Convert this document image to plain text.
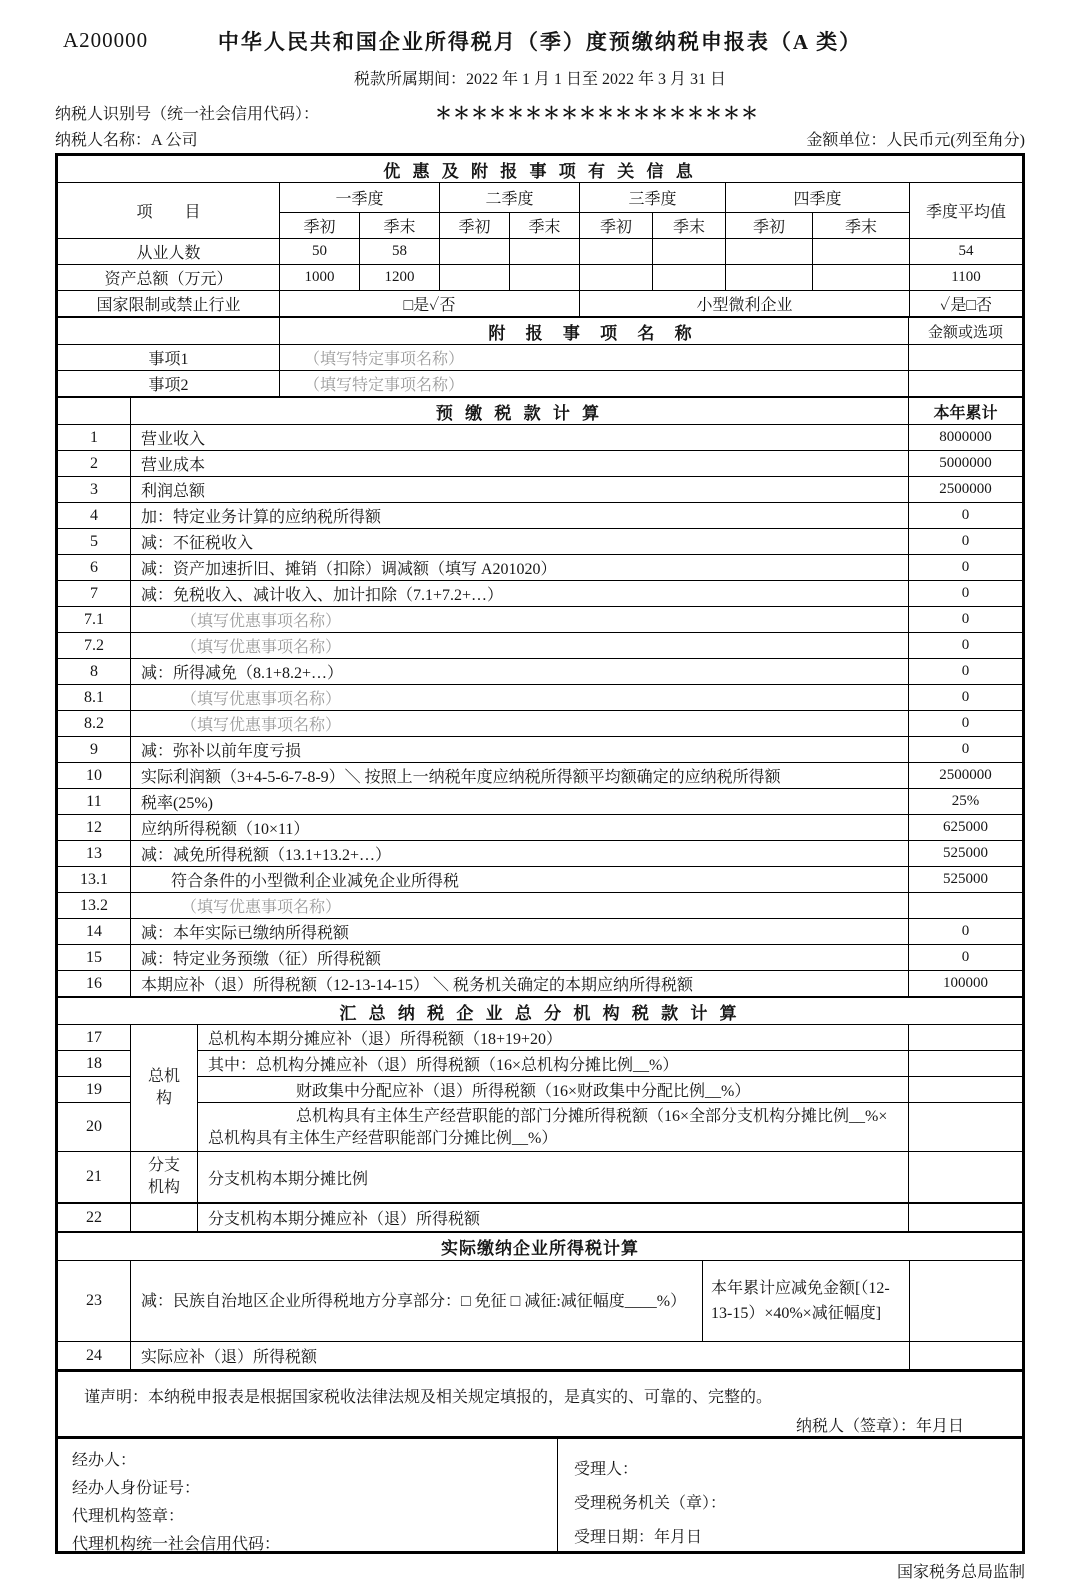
A200000	中华人民共和国企业所得税月（季）度预缴纳税申报表（A 类）
税款所属期间：2022 年 1 月 1 日至 2022 年 3 月 31 日
纳税人识别号（统一社会信用代码）：	＊＊＊＊＊＊＊＊＊＊＊＊＊＊＊＊＊＊
纳税人名称：A 公司	金额单位：人民币元(列至角分)
优 惠 及 附 报 事 项 有 关 信 息									
项　　目	一季度		二季度		三季度		四季度		季度平均值
	季初	季末	季初	季末	季初	季末	季初	季末	
从业人数	50	58							54
资产总额（万元）	1000	1200							1100
国家限制或禁止行业	□是✓否				小型微利企业				✓是□否
	附 报 事 项 名 称	金额或选项
事项1	（填写特定事项名称）	
事项2	（填写特定事项名称）	
	预 缴 税 款 计 算	本年累计
1	营业收入	8000000
2	营业成本	5000000
3	利润总额	2500000
4	加：特定业务计算的应纳税所得额	0
5	减：不征税收入	0
6	减：资产加速折旧、摊销（扣除）调减额（填写 A201020）	0
7	减：免税收入、减计收入、加计扣除（7.1+7.2+…）	0
7.1	（填写优惠事项名称）	0
7.2	（填写优惠事项名称）	0
8	减：所得减免（8.1+8.2+…）	0
8.1	（填写优惠事项名称）	0
8.2	（填写优惠事项名称）	0
9	减：弥补以前年度亏损	0
10	实际利润额（3+4-5-6-7-8-9）＼ 按照上一纳税年度应纳税所得额平均额确定的应纳税所得额	2500000
11	税率(25%)	25%
12	应纳所得税额（10×11）	625000
13	减：减免所得税额（13.1+13.2+…）	525000
13.1	符合条件的小型微利企业减免企业所得税	525000
13.2	（填写优惠事项名称）	
14	减：本年实际已缴纳所得税额	0
15	减：特定业务预缴（征）所得税额	0
16	本期应补（退）所得税额（12-13-14-15） ＼ 税务机关确定的本期应纳所得税额	100000
汇 总 纳 税 企 业 总 分 机 构 税 款 计 算			
17	总机构	总机构本期分摊应补（退）所得税额（18+19+20）	
18		其中：总机构分摊应补（退）所得税额（16×总机构分摊比例__%）	
19		财政集中分配应补（退）所得税额（16×财政集中分配比例__%）	
20		总机构具有主体生产经营职能的部门分摊所得税额（16×全部分支机构分摊比例__%×总机构具有主体生产经营职能部门分摊比例__%）	
21	分支机构	分支机构本期分摊比例	
22		分支机构本期分摊应补（退）所得税额	
实际缴纳企业所得税计算			
23	减：民族自治地区企业所得税地方分享部分：□ 免征 □ 减征:减征幅度____%）	本年累计应减免金额[（12-13-15）×40%×减征幅度]	
24	实际应补（退）所得税额		
谨声明：本纳税申报表是根据国家税收法律法规及相关规定填报的，是真实的、可靠的、完整的。
纳税人（签章）：年月日
经办人：
经办人身份证号：
代理机构签章：
代理机构统一社会信用代码：
受理人：
受理税务机关（章）：
受理日期：年月日
国家税务总局监制
